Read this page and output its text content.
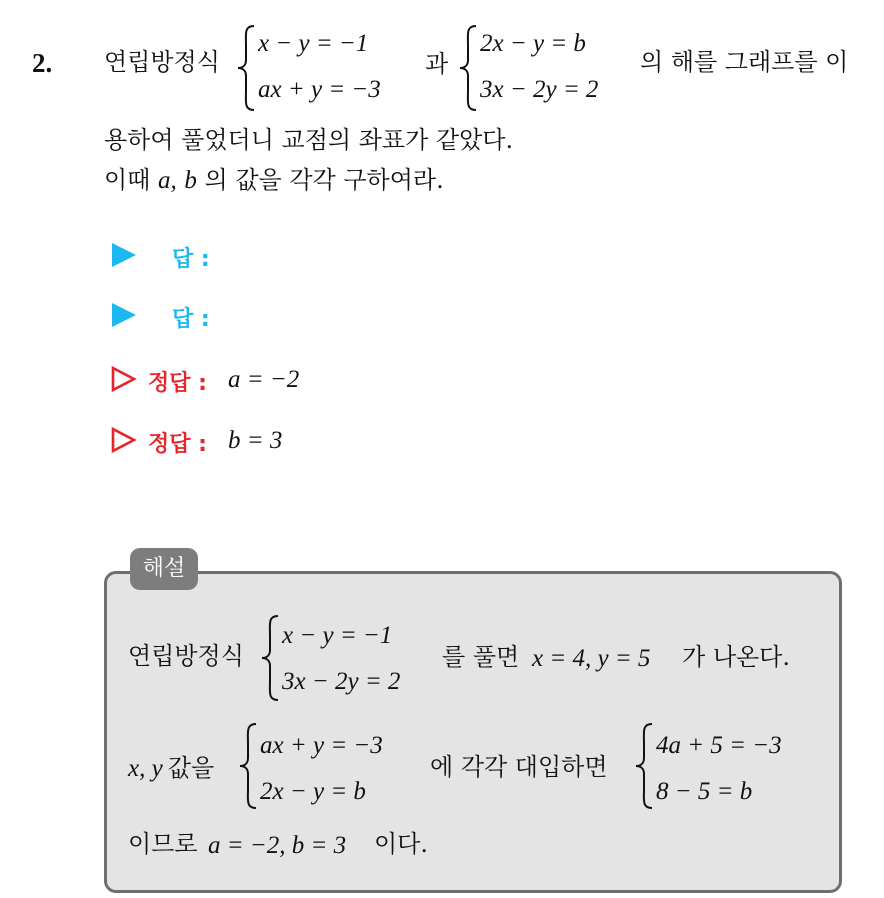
2. 연립방정식
x − y = −1
ax + y = −3
과
2x − y = b
3x − 2y = 2
의 해를 그래프를 이
용하여 풀었더니 교점의 좌표가 같았다.
이때 a, b 의 값을 각각 구하여라.
답 :
답 :
정답 : a = −2
정답 : b = 3
해설
연립방정식
x − y = −1
3x − 2y = 2
를 풀면 x = 4, y = 5 가 나온다.
x, y 값을
ax + y = −3
2x − y = b
에 각각 대입하면
4a + 5 = −3
8 − 5 = b
이므로 a = −2, b = 3 이다.
